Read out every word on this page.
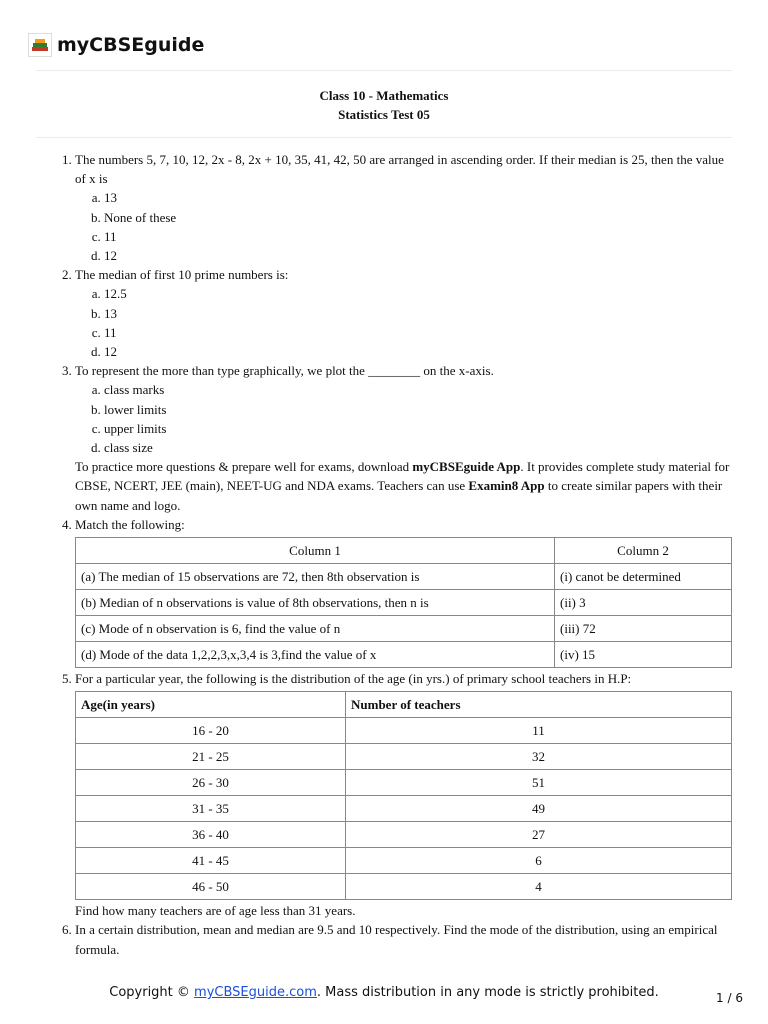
myCBSEguide
Class 10 - Mathematics
Statistics Test 05
1. The numbers 5, 7, 10, 12, 2x - 8, 2x + 10, 35, 41, 42, 50 are arranged in ascending order. If their median is 25, then the value of x is
a. 13
b. None of these
c. 11
d. 12
2. The median of first 10 prime numbers is:
a. 12.5
b. 13
c. 11
d. 12
3. To represent the more than type graphically, we plot the ________ on the x-axis.
a. class marks
b. lower limits
c. upper limits
d. class size
To practice more questions & prepare well for exams, download myCBSEguide App. It provides complete study material for CBSE, NCERT, JEE (main), NEET-UG and NDA exams. Teachers can use Examin8 App to create similar papers with their own name and logo.
4. Match the following:
Column 1	Column 2
(a) The median of 15 observations are 72, then 8th observation is	(i) canot be determined
(b) Median of n observations is value of 8th observations, then n is	(ii) 3
(c) Mode of n observation is 6, find the value of n	(iii) 72
(d) Mode of the data 1,2,2,3,x,3,4 is 3,find the value of x	(iv) 15
5. For a particular year, the following is the distribution of the age (in yrs.) of primary school teachers in H.P:
Age(in years)	Number of teachers
16 - 20	11
21 - 25	32
26 - 30	51
31 - 35	49
36 - 40	27
41 - 45	6
46 - 50	4
Find how many teachers are of age less than 31 years.
6. In a certain distribution, mean and median are 9.5 and 10 respectively. Find the mode of the distribution, using an empirical formula.
Copyright © myCBSEguide.com. Mass distribution in any mode is strictly prohibited.	1 / 6
